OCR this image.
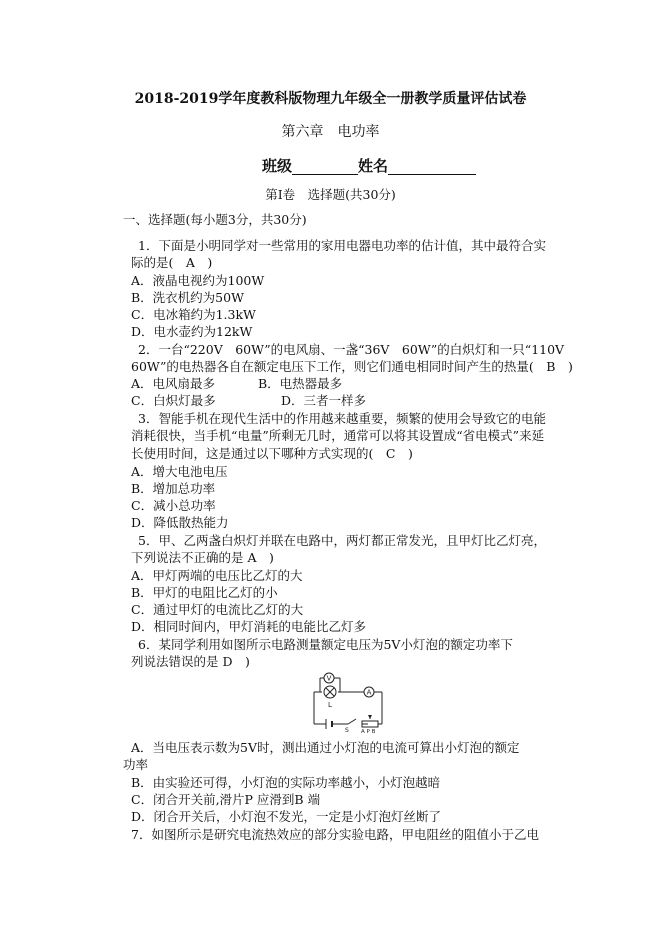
2018-2019学年度教科版物理九年级全一册教学质量评估试卷
第六章　电功率
班级	姓名
第Ⅰ卷　选择题(共30分)
一、选择题(每小题3分，共30分)
1．下面是小明同学对一些常用的家用电器电功率的估计值，其中最符合实
际的是(　A　)
A．液晶电视约为100W
B．洗衣机约为50W
C．电冰箱约为1.3kW
D．电水壶约为12kW
2．一台“220V　60W”的电风扇、一盏“36V　60W”的白炽灯和一只“110V
60W”的电热器各自在额定电压下工作，则它们通电相同时间产生的热量(　B　)
A．电风扇最多	B．电热器最多
C．白炽灯最多	D．三者一样多
3．智能手机在现代生活中的作用越来越重要，频繁的使用会导致它的电能
消耗很快，当手机“电量”所剩无几时，通常可以将其设置成“省电模式”来延
长使用时间，这是通过以下哪种方式实现的(　C　)
A．增大电池电压
B．增加总功率
C．减小总功率
D．降低散热能力
5．甲、乙两盏白炽灯并联在电路中，两灯都正常发光，且甲灯比乙灯亮，
下列说法不正确的是 A　)
A．甲灯两端的电压比乙灯的大
B．甲灯的电阻比乙灯的小
C．通过甲灯的电流比乙灯的大
D．相同时间内，甲灯消耗的电能比乙灯多
6．某同学利用如图所示电路测量额定电压为5V小灯泡的额定功率下
列说法错误的是 D　)
V
L
A
S A P B
A．当电压表示数为5V时，测出通过小灯泡的电流可算出小灯泡的额定
功率
B．由实验还可得，小灯泡的实际功率越小，小灯泡越暗
C．闭合开关前,滑片P 应滑到B 端
D．闭合开关后，小灯泡不发光，一定是小灯泡灯丝断了
7．如图所示是研究电流热效应的部分实验电路，甲电阻丝的阻值小于乙电
